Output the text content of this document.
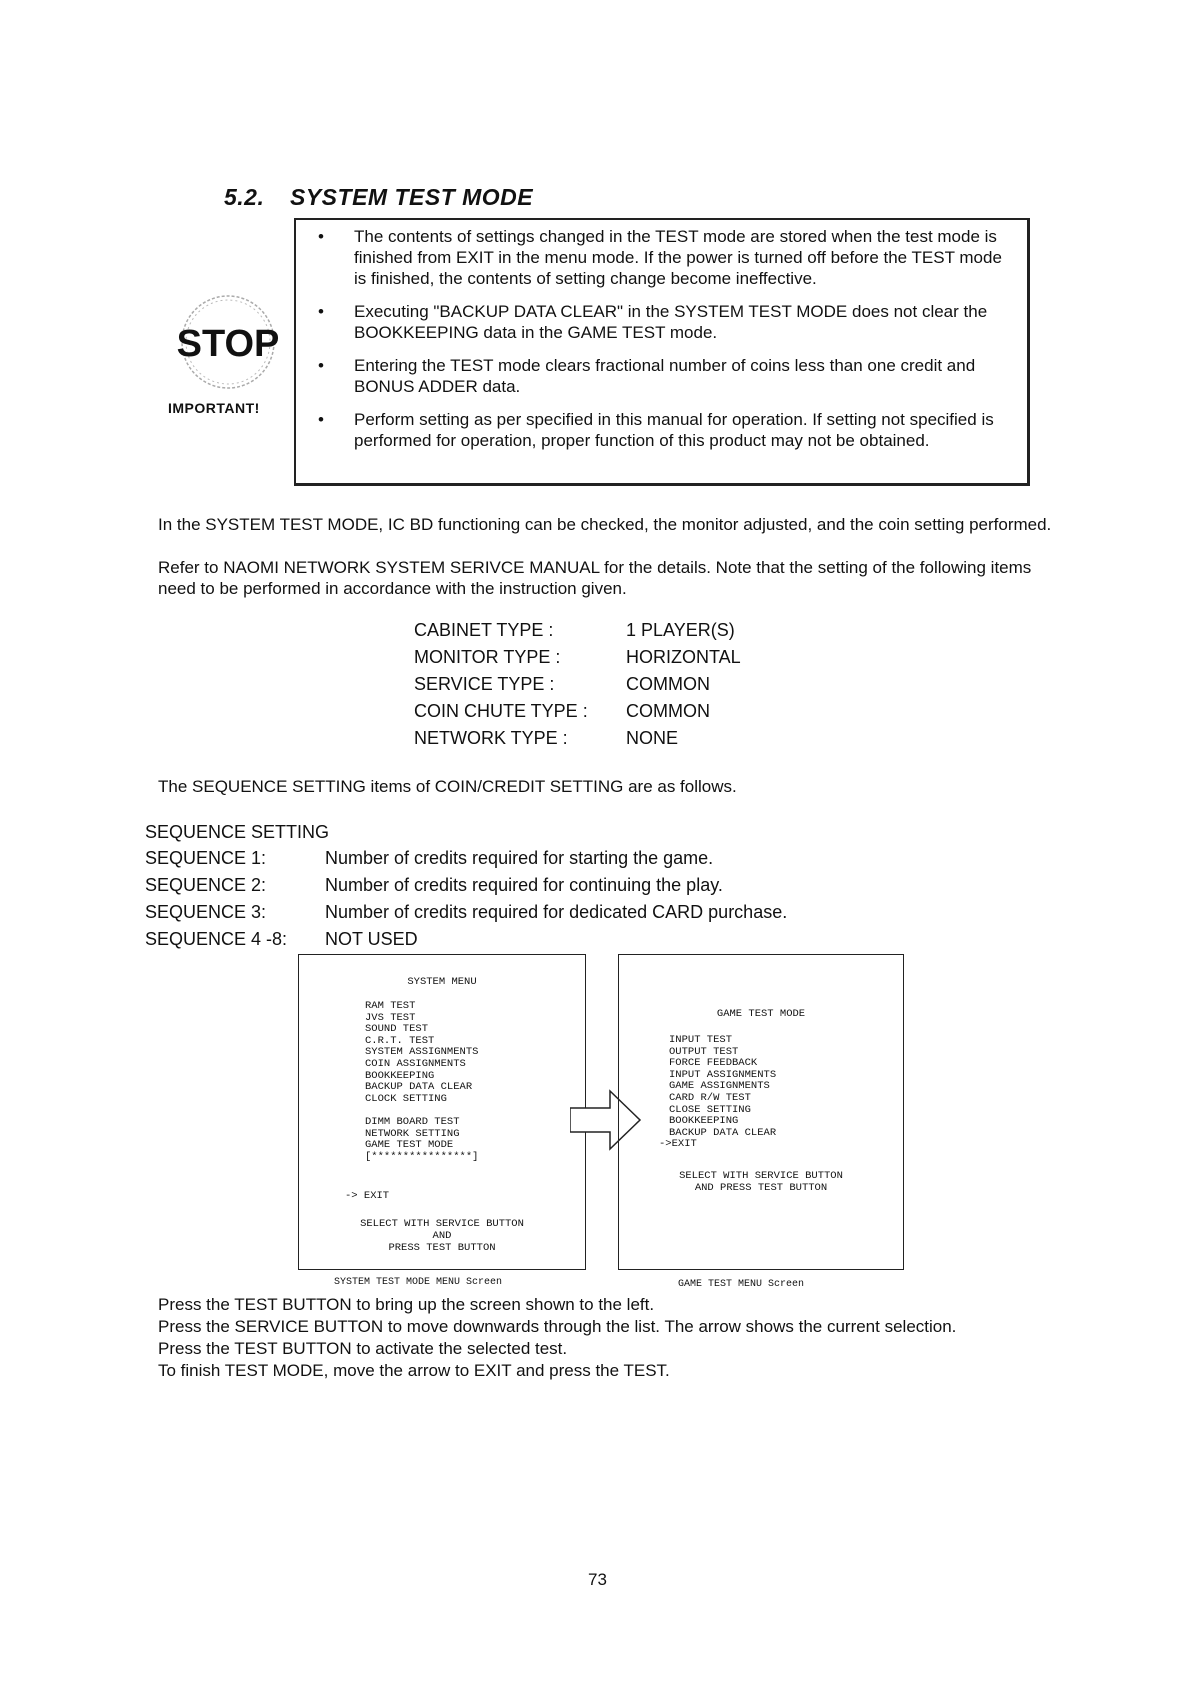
5.2. SYSTEM TEST MODE
STOP
IMPORTANT!
• The contents of settings changed in the TEST mode are stored when the test mode is finished from EXIT in the menu mode. If the power is turned off before the TEST mode is finished, the contents of setting change become ineffective.
• Executing "BACKUP DATA CLEAR" in the SYSTEM TEST MODE does not clear the BOOKKEEPING data in the GAME TEST mode.
• Entering the TEST mode clears fractional number of coins less than one credit and BONUS ADDER data.
• Perform setting as per specified in this manual for operation. If setting not specified is performed for operation, proper function of this product may not be obtained.
In the SYSTEM TEST MODE, IC BD functioning can be checked, the monitor adjusted, and the coin setting performed.
Refer to NAOMI NETWORK SYSTEM SERIVCE MANUAL for the details. Note that the setting of the following items need to be performed in accordance with the instruction given.
CABINET TYPE :	1 PLAYER(S)
MONITOR TYPE :	HORIZONTAL
SERVICE TYPE :	COMMON
COIN CHUTE TYPE :	COMMON
NETWORK TYPE :	NONE
The SEQUENCE SETTING items of COIN/CREDIT SETTING are as follows.
SEQUENCE SETTING
SEQUENCE 1:	Number of credits required for starting the game.
SEQUENCE 2:	Number of credits required for continuing the play.
SEQUENCE 3:	Number of credits required for dedicated CARD purchase.
SEQUENCE 4 -8:	NOT USED
SYSTEM MENU
RAM TEST
JVS TEST
SOUND TEST
C.R.T. TEST
SYSTEM ASSIGNMENTS
COIN ASSIGNMENTS
BOOKKEEPING
BACKUP DATA CLEAR
CLOCK SETTING
DIMM BOARD TEST
NETWORK SETTING
GAME TEST MODE
[****************]
-> EXIT
SELECT WITH SERVICE BUTTON
AND
PRESS TEST BUTTON
SYSTEM TEST MODE MENU Screen
GAME TEST MODE
INPUT TEST
OUTPUT TEST
FORCE FEEDBACK
INPUT ASSIGNMENTS
GAME ASSIGNMENTS
CARD R/W TEST
CLOSE SETTING
BOOKKEEPING
BACKUP DATA CLEAR
->EXIT
SELECT WITH SERVICE BUTTON
AND PRESS TEST BUTTON
GAME TEST MENU Screen
Press the TEST BUTTON to bring up the screen shown to the left.
Press the SERVICE BUTTON to move downwards through the list. The arrow shows the current selection.
Press the TEST BUTTON to activate the selected test.
To finish TEST MODE, move the arrow to EXIT and press the TEST.
73
